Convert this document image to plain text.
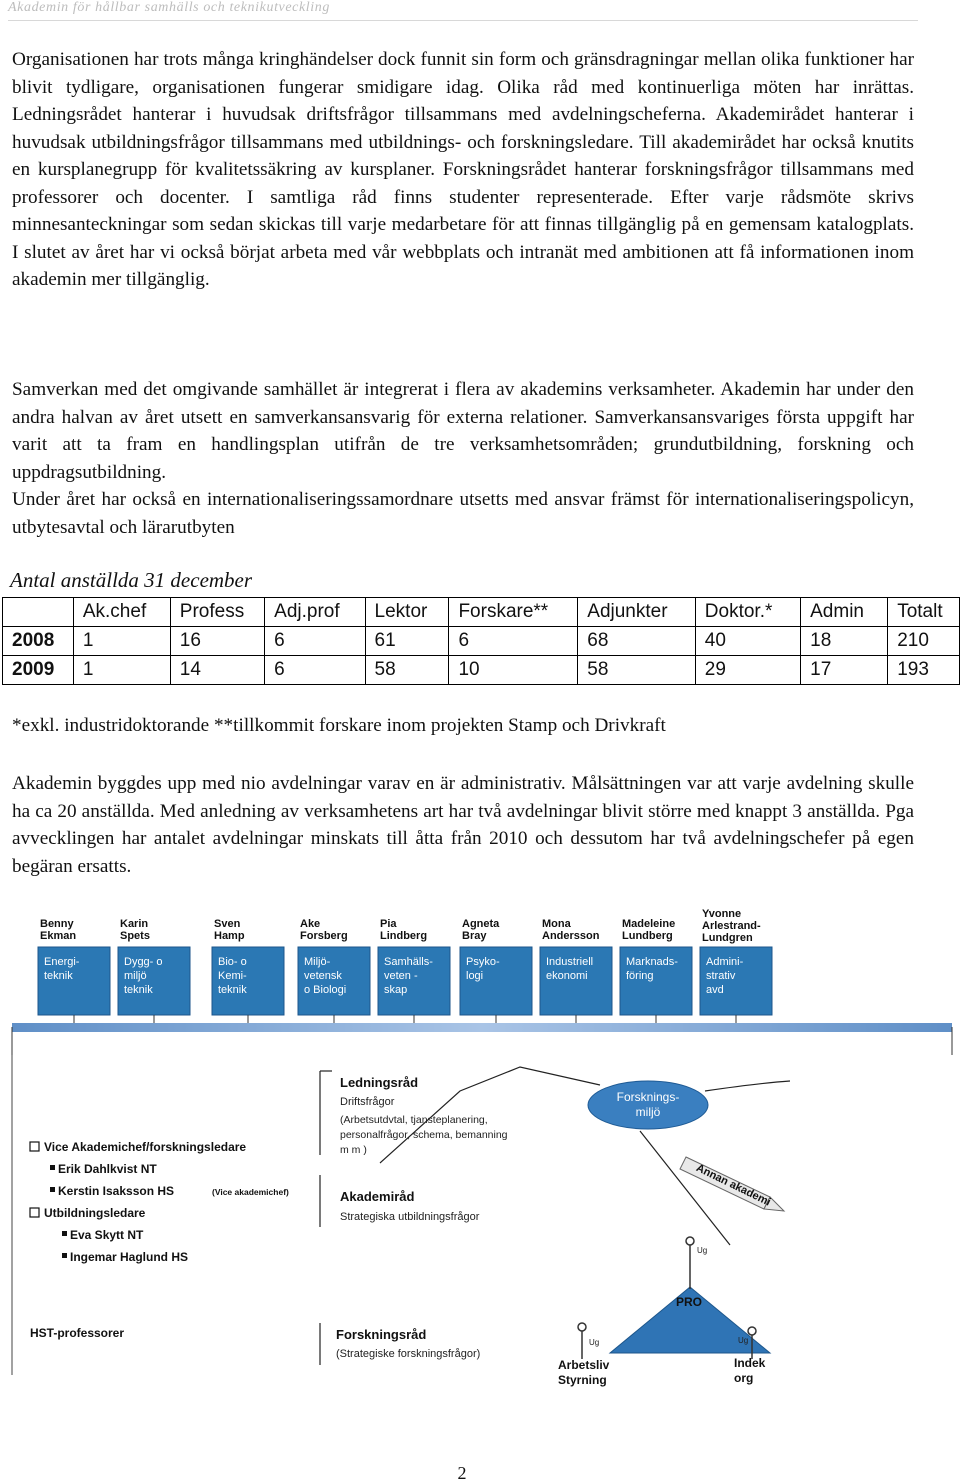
Akademin för hållbar samhälls och teknikutveckling

Organisationen har trots många kringhändelser dock funnit sin form och gränsdragningar mellan olika funktioner har blivit tydligare, organisationen fungerar smidigare idag. Olika råd med kontinuerliga möten har inrättas. Ledningsrådet hanterar i huvudsak driftsfrågor tillsammans med avdelningscheferna. Akademirådet hanterar i huvudsak utbildningsfrågor tillsammans med utbildnings- och forskningsledare. Till akademirådet har också knutits en kursplanegrupp för kvalitetssäkring av kursplaner. Forskningsrådet hanterar forskningsfrågor tillsammans med professorer och docenter. I samtliga råd finns studenter representerade. Efter varje rådsmöte skrivs minnesanteckningar som sedan skickas till varje medarbetare för att finnas tillgänglig på en gemensam katalogplats. I slutet av året har vi också börjat arbeta med vår webbplats och intranät med ambitionen att få informationen inom akademin mer tillgänglig.

Samverkan med det omgivande samhället är integrerat i flera av akademins verksamheter. Akademin har under den andra halvan av året utsett en samverkansansvarig för externa relationer. Samverkansansvariges första uppgift har varit att ta fram en handlingsplan utifrån de tre verksamhetsområden; grundutbildning, forskning och uppdragsutbildning.

Under året har också en internationaliseringssamordnare utsetts med ansvar främst för internationaliseringspolicyn, utbytesavtal och lärarutbyten

Antal anställda 31 december

	Ak.chef	Profess	Adj.prof	Lektor	Forskare**	Adjunkter	Doktor.*	Admin	Totalt
2008	1	16	6	61	6	68	40	18	210
2009	1	14	6	58	10	58	29	17	193

*exkl. industridoktorande **tillkommit forskare inom projekten Stamp och Drivkraft

Akademin byggdes upp med nio avdelningar varav en är administrativ. Målsättningen var att varje avdelning skulle ha ca 20 anställda. Med anledning av verksamhetens art har två avdelningar blivit större med knappt 3 anställda. Pga avvecklingen har antalet avdelningar minskats till åtta från 2010 och dessutom har två avdelningschefer på egen begäran ersatts.

Benny
Ekman
Energi-
teknik
Karin
Spets
Dygg- o
miljö
teknik
Sven
Hamp
Bio- o
Kemi-
teknik
Ake
Forsberg
Miljö-
vetensk
o Biologi
Pia
Lindberg
Samhälls-
veten -
skap
Agneta
Bray
Psyko-
logi
Mona
Andersson
Industriell
ekonomi
Madeleine
Lundberg
Marknads-
föring
Yvonne
Arlestrand-
Lundgren
Admini-
strativ
avd
Ledningsråd
Driftsfrågor
(Arbetsutdvtal, tjansteplanering,
personalfrågor, schema, bemanning
m m )
Akademiråd
Strategiska utbildningsfrågor
Forskningsråd
(Strategiske forskningsfrågor)
Forsknings-
miljö
Annan akademi
Vice Akademichef/forskningsledare
Erik Dahlkvist NT
Kerstin Isaksson HS	(Vice akademichef)
Utbildningsledare
Eva Skytt NT
Ingemar Haglund HS
HST-professorer
Ug
PRO
Ug
Arbetsliv
Styrning
Ug
Indek
org
2
